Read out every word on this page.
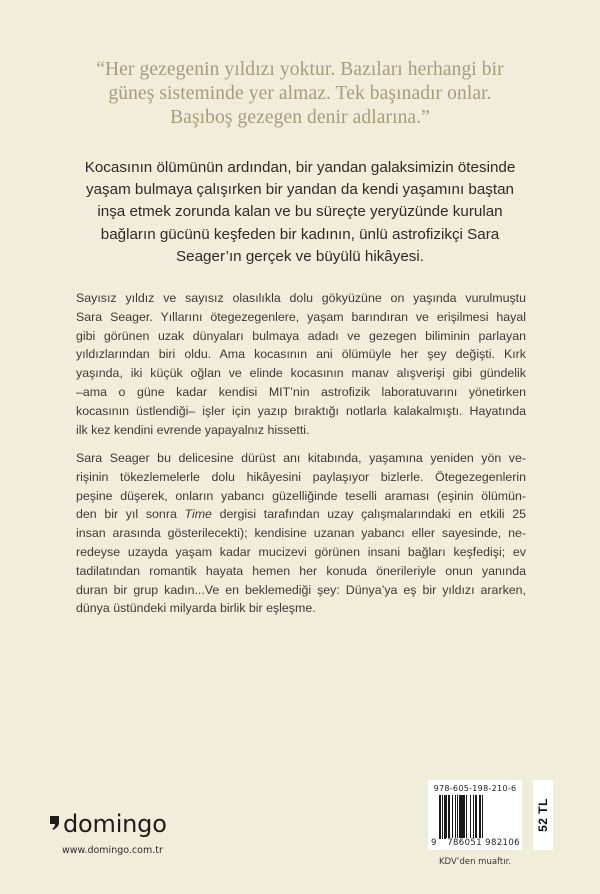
“Her gezegenin yıldızı yoktur. Bazıları herhangi bir
güneş sisteminde yer almaz. Tek başınadır onlar.
Başıboş gezegen denir adlarına.”
Kocasının ölümünün ardından, bir yandan galaksimizin ötesinde
yaşam bulmaya çalışırken bir yandan da kendi yaşamını baştan
inşa etmek zorunda kalan ve bu süreçte yeryüzünde kurulan
bağların gücünü keşfeden bir kadının, ünlü astrofizikçi Sara
Seager’ın gerçek ve büyülü hikâyesi.
Sayısız yıldız ve sayısız olasılıkla dolu gökyüzüne on yaşında vurulmuştu
Sara Seager. Yıllarını ötegezegenlere, yaşam barındıran ve erişilmesi hayal
gibi görünen uzak dünyaları bulmaya adadı ve gezegen biliminin parlayan
yıldızlarından biri oldu. Ama kocasının ani ölümüyle her şey değişti. Kırk
yaşında, iki küçük oğlan ve elinde kocasının manav alışverişi gibi gündelik
–ama o güne kadar kendisi MIT’nin astrofizik laboratuvarını yönetirken
kocasının üstlendiği– işler için yazıp bıraktığı notlarla kalakalmıştı. Hayatında
ilk kez kendini evrende yapayalnız hissetti.
Sara Seager bu delicesine dürüst anı kitabında, yaşamına yeniden yön ve-
rişinin tökezlemelerle dolu hikâyesini paylaşıyor bizlerle. Ötegezegenlerin
peşine düşerek, onların yabancı güzelliğinde teselli araması (eşinin ölümün-
den bir yıl sonra Time dergisi tarafından uzay çalışmalarındaki en etkili 25
insan arasında gösterilecekti); kendisine uzanan yabancı eller sayesinde, ne-
redeyse uzayda yaşam kadar mucizevi görünen insani bağları keşfedişi; ev
tadilatından romantik hayata hemen her konuda önerileriyle onun yanında
duran bir grup kadın...Ve en beklemediği şey: Dünya’ya eş bir yıldızı ararken,
dünya üstündeki milyarda birlik bir eşleşme.
domingo
www.domingo.com.tr
978-605-198-210-6
9 786051 982106
KDV’den muaftır.
52 TL
